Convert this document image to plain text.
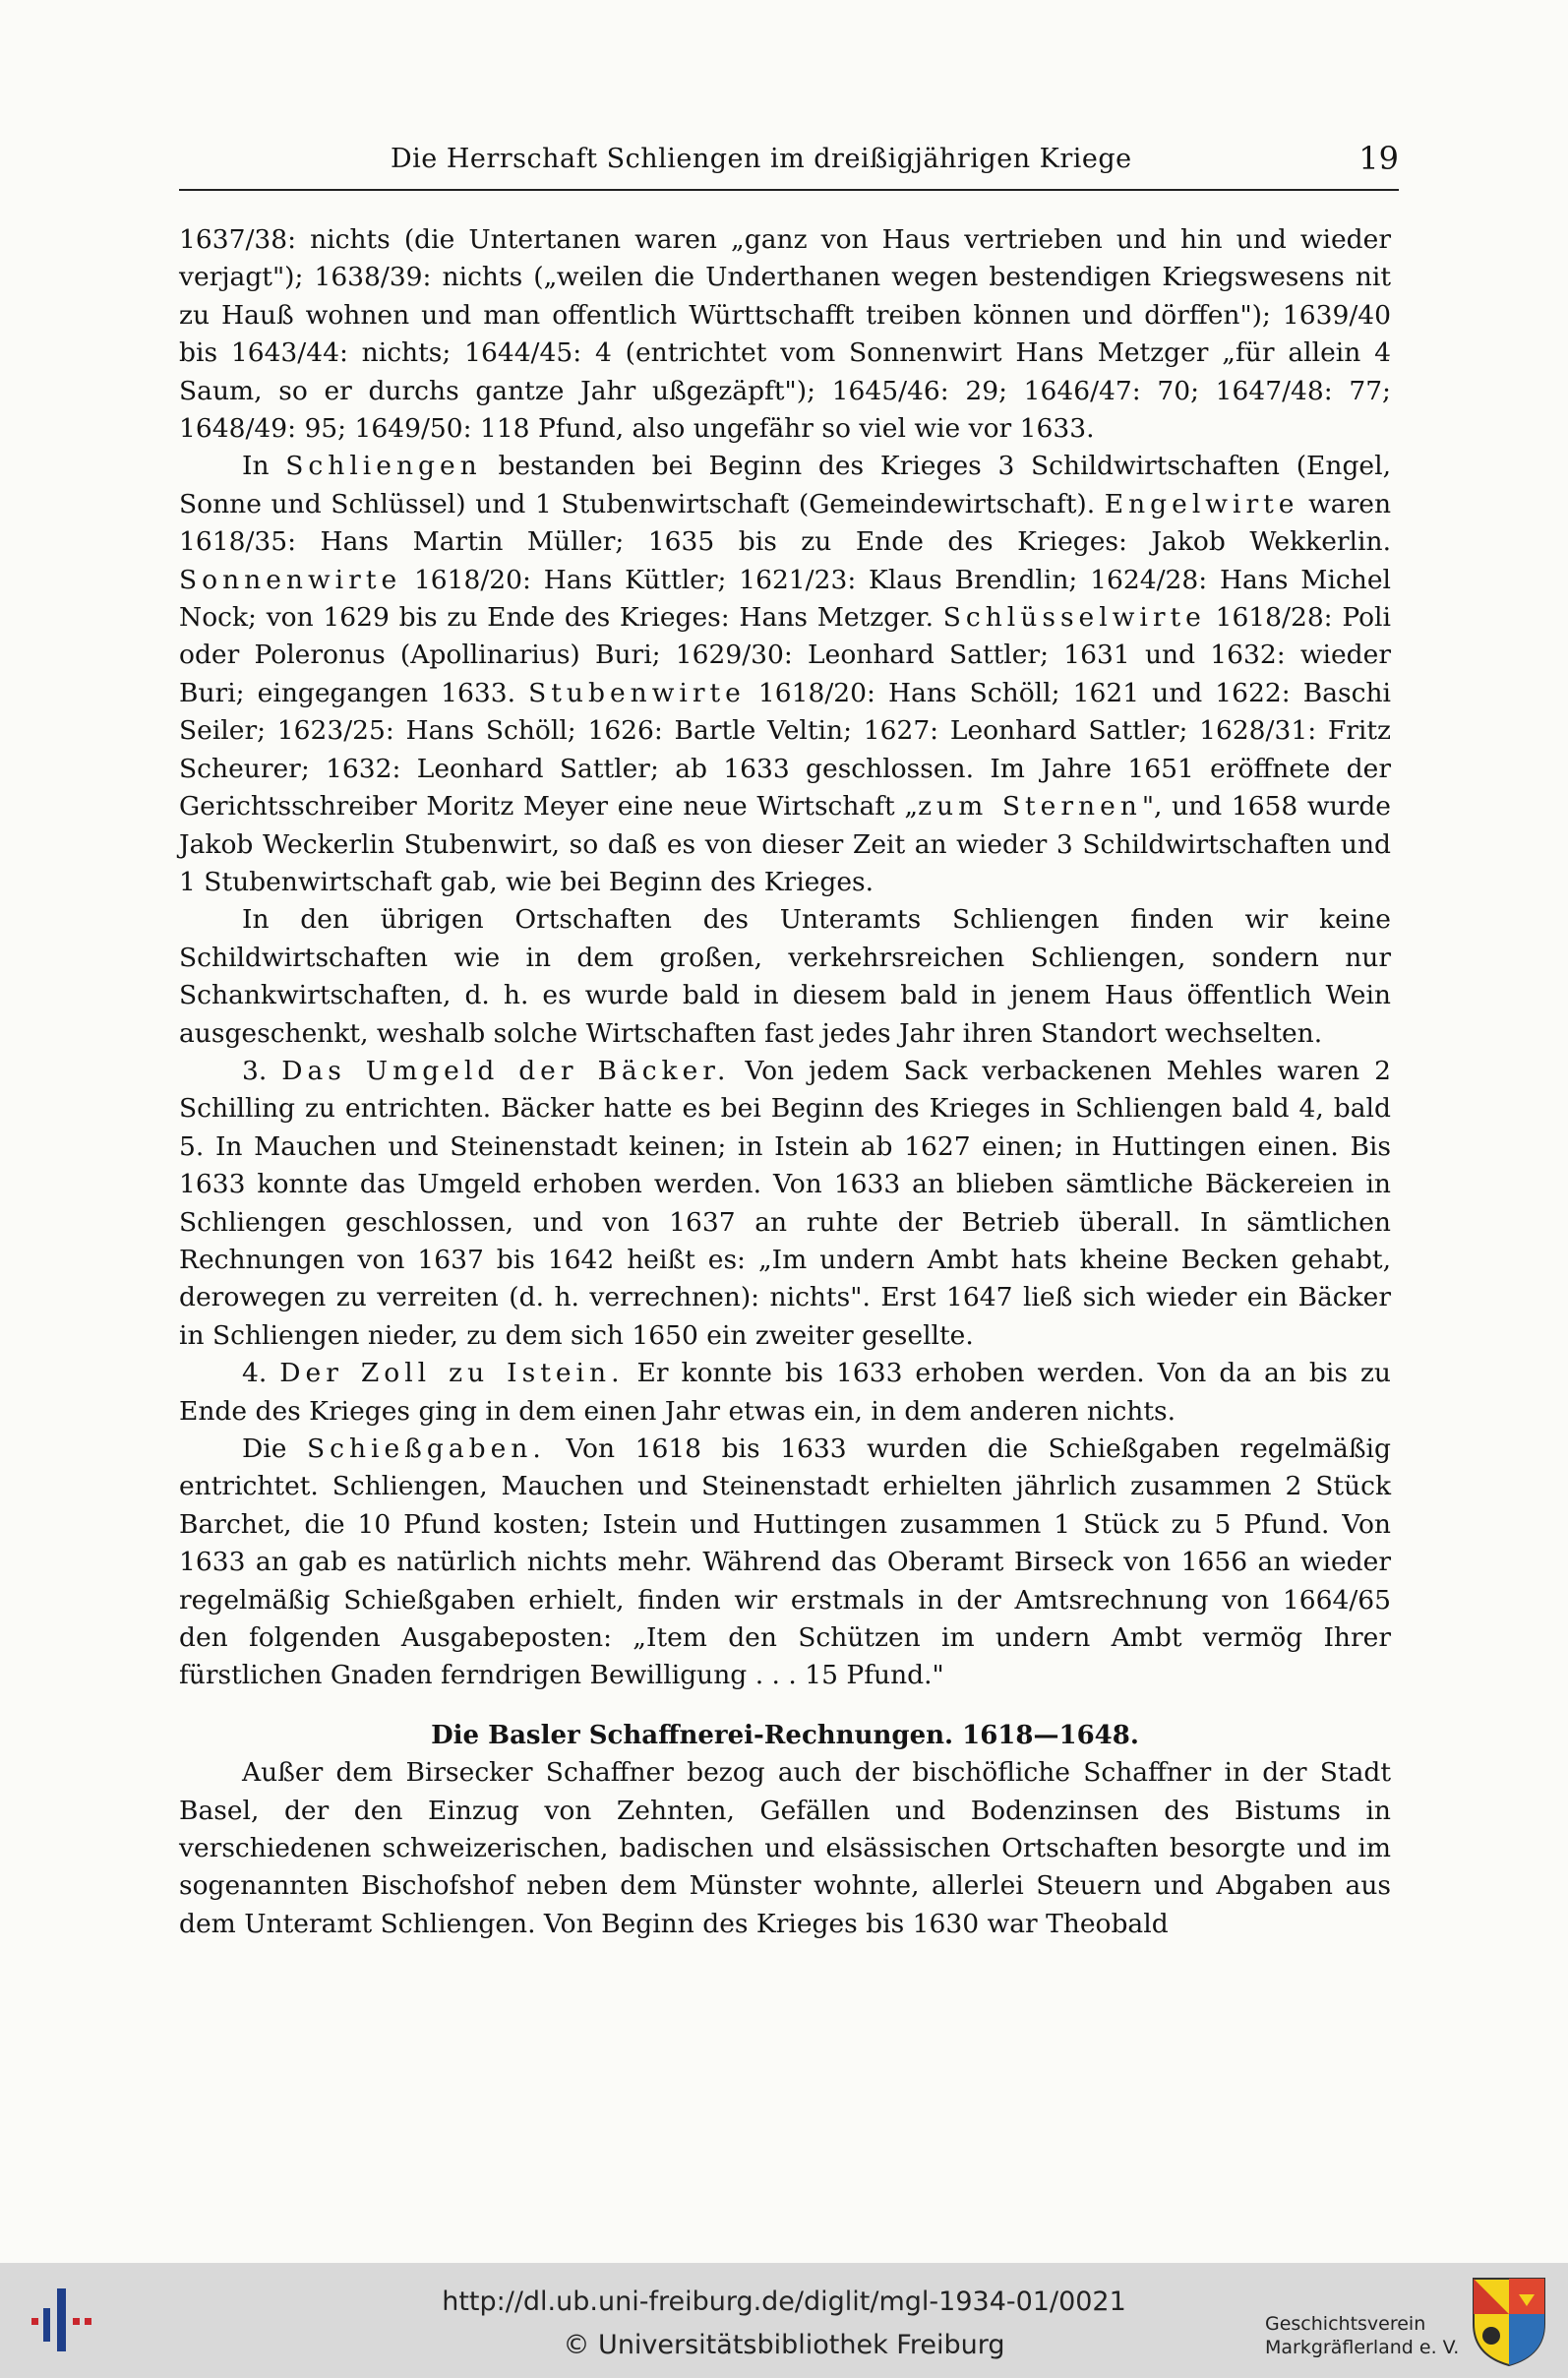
Die Herrschaft Schliengen im dreißigjährigen Kriege	19

1637/38: nichts (die Untertanen waren „ganz von Haus vertrieben und hin und wieder verjagt"); 1638/39: nichts („weilen die Underthanen wegen bestendigen Kriegswesens nit zu Hauß wohnen und man offentlich Württschafft treiben können und dörffen"); 1639/40 bis 1643/44: nichts; 1644/45: 4 (entrichtet vom Sonnenwirt Hans Metzger „für allein 4 Saum, so er durchs gantze Jahr ußgezäpft"); 1645/46: 29; 1646/47: 70; 1647/48: 77; 1648/49: 95; 1649/50: 118 Pfund, also ungefähr so viel wie vor 1633.

In Schliengen bestanden bei Beginn des Krieges 3 Schildwirtschaften (Engel, Sonne und Schlüssel) und 1 Stubenwirtschaft (Gemeindewirtschaft). Engelwirte waren 1618/35: Hans Martin Müller; 1635 bis zu Ende des Krieges: Jakob Wekkerlin. Sonnenwirte 1618/20: Hans Küttler; 1621/23: Klaus Brendlin; 1624/28: Hans Michel Nock; von 1629 bis zu Ende des Krieges: Hans Metzger. Schlüsselwirte 1618/28: Poli oder Poleronus (Apollinarius) Buri; 1629/30: Leonhard Sattler; 1631 und 1632: wieder Buri; eingegangen 1633. Stubenwirte 1618/20: Hans Schöll; 1621 und 1622: Baschi Seiler; 1623/25: Hans Schöll; 1626: Bartle Veltin; 1627: Leonhard Sattler; 1628/31: Fritz Scheurer; 1632: Leonhard Sattler; ab 1633 geschlossen. Im Jahre 1651 eröffnete der Gerichtsschreiber Moritz Meyer eine neue Wirtschaft „zum Sternen", und 1658 wurde Jakob Weckerlin Stubenwirt, so daß es von dieser Zeit an wieder 3 Schildwirtschaften und 1 Stubenwirtschaft gab, wie bei Beginn des Krieges.

In den übrigen Ortschaften des Unteramts Schliengen finden wir keine Schildwirtschaften wie in dem großen, verkehrsreichen Schliengen, sondern nur Schankwirtschaften, d. h. es wurde bald in diesem bald in jenem Haus öffentlich Wein ausgeschenkt, weshalb solche Wirtschaften fast jedes Jahr ihren Standort wechselten.

3. Das Umgeld der Bäcker. Von jedem Sack verbackenen Mehles waren 2 Schilling zu entrichten. Bäcker hatte es bei Beginn des Krieges in Schliengen bald 4, bald 5. In Mauchen und Steinenstadt keinen; in Istein ab 1627 einen; in Huttingen einen. Bis 1633 konnte das Umgeld erhoben werden. Von 1633 an blieben sämtliche Bäckereien in Schliengen geschlossen, und von 1637 an ruhte der Betrieb überall. In sämtlichen Rechnungen von 1637 bis 1642 heißt es: „Im undern Ambt hats kheine Becken gehabt, derowegen zu verreiten (d. h. verrechnen): nichts". Erst 1647 ließ sich wieder ein Bäcker in Schliengen nieder, zu dem sich 1650 ein zweiter gesellte.

4. Der Zoll zu Istein. Er konnte bis 1633 erhoben werden. Von da an bis zu Ende des Krieges ging in dem einen Jahr etwas ein, in dem anderen nichts.

Die Schießgaben. Von 1618 bis 1633 wurden die Schießgaben regelmäßig entrichtet. Schliengen, Mauchen und Steinenstadt erhielten jährlich zusammen 2 Stück Barchet, die 10 Pfund kosten; Istein und Huttingen zusammen 1 Stück zu 5 Pfund. Von 1633 an gab es natürlich nichts mehr. Während das Oberamt Birseck von 1656 an wieder regelmäßig Schießgaben erhielt, finden wir erstmals in der Amtsrechnung von 1664/65 den folgenden Ausgabeposten: „Item den Schützen im undern Ambt vermög Ihrer fürstlichen Gnaden ferndrigen Bewilligung . . . 15 Pfund."

Die Basler Schaffnerei-Rechnungen. 1618—1648.

Außer dem Birsecker Schaffner bezog auch der bischöfliche Schaffner in der Stadt Basel, der den Einzug von Zehnten, Gefällen und Bodenzinsen des Bistums in verschiedenen schweizerischen, badischen und elsässischen Ortschaften besorgte und im sogenannten Bischofshof neben dem Münster wohnte, allerlei Steuern und Abgaben aus dem Unteramt Schliengen. Von Beginn des Krieges bis 1630 war Theobald

http://dl.ub.uni-freiburg.de/diglit/mgl-1934-01/0021
© Universitätsbibliothek Freiburg
Geschichtsverein
Markgräflerland e. V.
